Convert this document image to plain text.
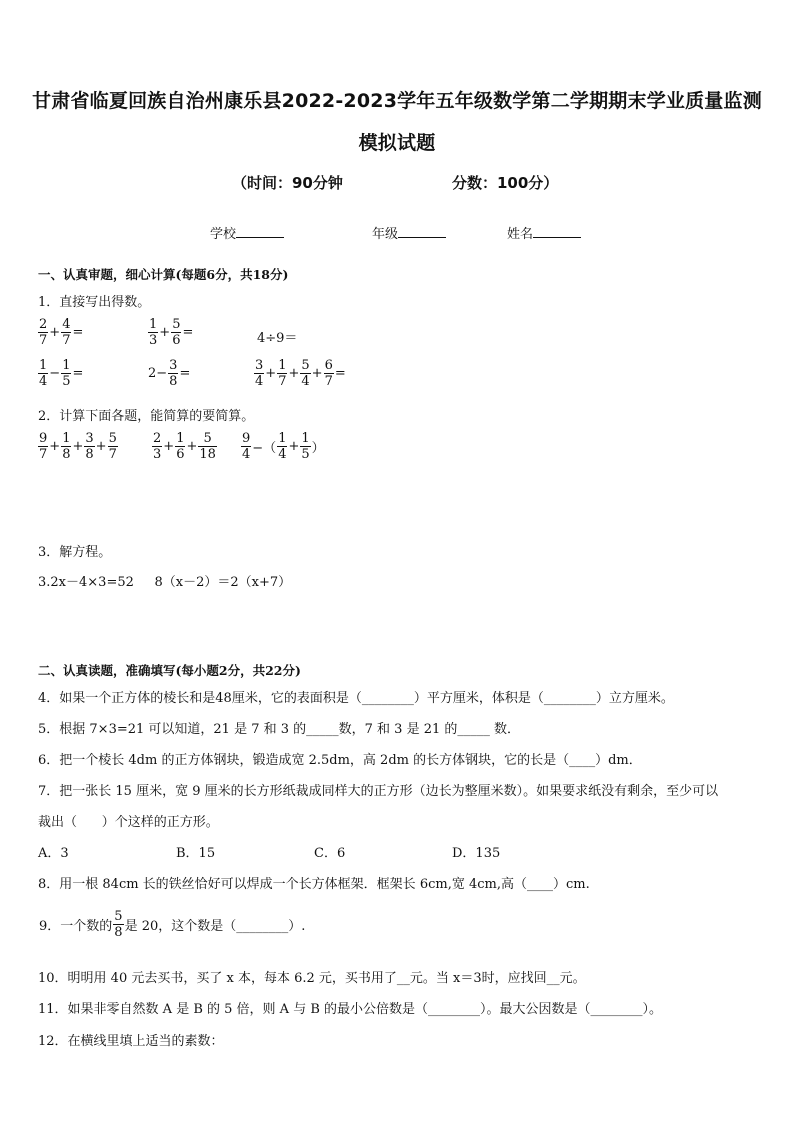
甘肃省临夏回族自治州康乐县2022-2023学年五年级数学第二学期期末学业质量监测
模拟试题
（时间：90分钟	分数：100分）
学校	年级	姓名
一、认真审题，细心计算(每题6分，共18分)
1．直接写出得数。
$\frac{2}{7} + \frac{4}{7}$ =	$\frac{1}{3} + \frac{5}{6}$ =	4÷9＝
$\frac{1}{4} - \frac{1}{5}$ =	$2- \frac{3}{8}$ =	$\frac{3}{4} + \frac{1}{7} + \frac{5}{4} + \frac{6}{7}$ =
2．计算下面各题，能简算的要简算。
$\frac{9}{7} + \frac{1}{8} + \frac{3}{8} + \frac{5}{7}$	$\frac{2}{3} + \frac{1}{6} + \frac{5}{18} \frac{9}{4}$ −（ $\frac{1}{4} + \frac{1}{5}$ ）
3．解方程。
3.2x－4×3=52     8（x－2）＝2（x+7）
二、认真读题，准确填写(每小题2分，共22分)
4．如果一个正方体的棱长和是48厘米，它的表面积是（________）平方厘米，体积是（________）立方厘米。
5．根据 7×3=21 可以知道，21 是 7 和 3 的_____数，7 和 3 是 21 的_____ 数．
6．把一个棱长 4dm 的正方体钢块，锻造成宽 2.5dm，高 2dm 的长方体钢块，它的长是（____）dm．
7．把一张长 15 厘米，宽 9 厘米的长方形纸裁成同样大的正方形（边长为整厘米数）。如果要求纸没有剩余，至少可以
裁出（      ）个这样的正方形。
A．3	B．15	C．6	D．135
8．用一根 84cm 长的铁丝恰好可以焊成一个长方体框架．框架长 6cm,宽 4cm,高（____）cm.
9．一个数的 $\frac{5}{8}$ 是 20，这个数是（________）.
10．明明用 40 元去买书，买了 x 本，每本 6.2 元，买书用了__元。当 x＝3时，应找回__元。
11．如果非零自然数 A 是 B 的 5 倍，则 A 与 B 的最小公倍数是（________）。最大公因数是（________）。
12．在横线里填上适当的素数：
